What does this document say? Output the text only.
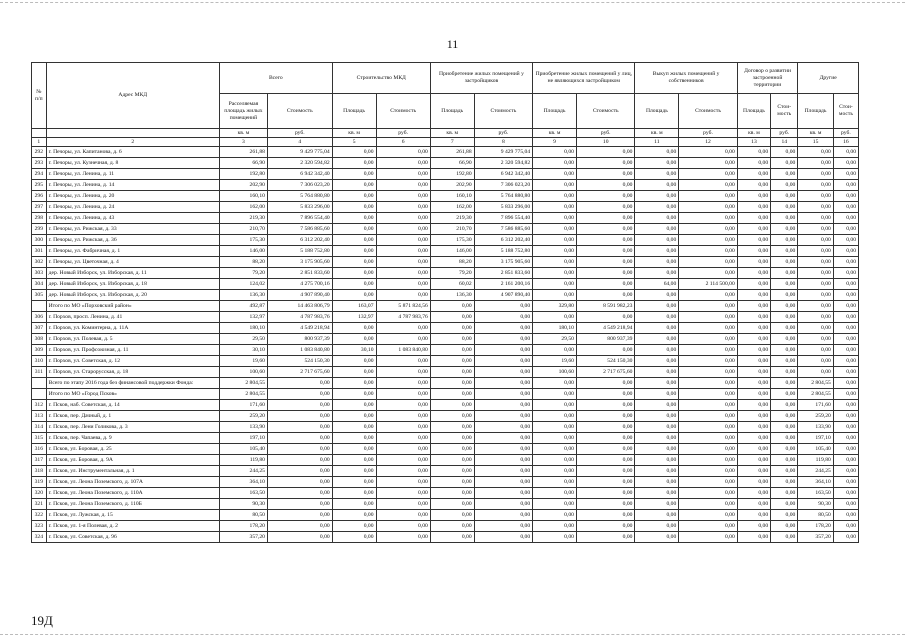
11
№ п/п	Адрес МКД	Всего		Строительство МКД		Приобретение жилых помещений у застройщиков		Приобретение жилых помещений у лиц, не являющихся застройщиком		Выкуп жилых помещений у собственников		Договор о развитии застроенной территории		Другие	
		Расселяемая площадь жилых помещений	Стоимость	Площадь	Стоимость	Площадь	Стоимость	Площадь	Стоимость	Площадь	Стоимость	Площадь	Стои-мость	Площадь	Стои-мость
		кв. м	руб.	кв. м	руб.	кв. м	руб.	кв. м	руб.	кв. м	руб.	кв. м	руб.	кв. м	руб.
1	2	3	4	5	6	7	8	9	10	11	12	13	14	15	16
292	г. Печоры, ул. Капитанова, д. 6	261,88	9 429 775,04	0,00	0,00	261,88	9 429 775,04	0,00	0,00	0,00	0,00	0,00	0,00	0,00	0,00
293	г. Печоры, ул. Кузнечная, д. 8	66,90	2 320 594,82	0,00	0,00	66,90	2 320 594,82	0,00	0,00	0,00	0,00	0,00	0,00	0,00	0,00
294	г. Печоры, ул. Ленина, д. 11	192,80	6 942 342,40	0,00	0,00	192,80	6 942 342,40	0,00	0,00	0,00	0,00	0,00	0,00	0,00	0,00
295	г. Печоры, ул. Ленина, д. 14	202,90	7 306 023,20	0,00	0,00	202,90	7 306 023,20	0,00	0,00	0,00	0,00	0,00	0,00	0,00	0,00
296	г. Печоры, ул. Ленина, д. 20	160,10	5 764 880,80	0,00	0,00	160,10	5 764 880,80	0,00	0,00	0,00	0,00	0,00	0,00	0,00	0,00
297	г. Печоры, ул. Ленина, д. 24	162,00	5 833 296,00	0,00	0,00	162,00	5 833 296,00	0,00	0,00	0,00	0,00	0,00	0,00	0,00	0,00
298	г. Печоры, ул. Ленина, д. 43	219,30	7 896 554,40	0,00	0,00	219,30	7 896 554,40	0,00	0,00	0,00	0,00	0,00	0,00	0,00	0,00
299	г. Печоры, ул. Рижская, д. 33	210,70	7 586 885,60	0,00	0,00	210,70	7 586 885,60	0,00	0,00	0,00	0,00	0,00	0,00	0,00	0,00
300	г. Печоры, ул. Рижская, д. 36	175,30	6 312 202,40	0,00	0,00	175,30	6 312 202,40	0,00	0,00	0,00	0,00	0,00	0,00	0,00	0,00
301	г. Печоры, ул. Фабричная, д. 1	146,00	5 188 752,80	0,00	0,00	146,00	5 188 752,80	0,00	0,00	0,00	0,00	0,00	0,00	0,00	0,00
302	г. Печоры, ул. Цветочная, д. 4	88,20	3 175 905,60	0,00	0,00	88,20	3 175 905,60	0,00	0,00	0,00	0,00	0,00	0,00	0,00	0,00
303	дер. Новый Изборск, ул. Изборская, д. 11	79,20	2 851 833,60	0,00	0,00	79,20	2 851 833,60	0,00	0,00	0,00	0,00	0,00	0,00	0,00	0,00
304	дер. Новый Изборск, ул. Изборская, д. 18	124,02	4 275 700,16	0,00	0,00	60,02	2 161 200,16	0,00	0,00	64,00	2 114 500,00	0,00	0,00	0,00	0,00
305	дер. Новый Изборск, ул. Изборская, д. 20	136,30	4 907 890,40	0,00	0,00	136,30	4 907 890,40	0,00	0,00	0,00	0,00	0,00	0,00	0,00	0,00
	Итого по МО «Порховский район»	492,87	14 463 806,79	163,07	5 871 824,56	0,00	0,00	329,80	8 591 982,23	0,00	0,00	0,00	0,00	0,00	0,00
306	г. Порхов, просп. Ленина, д. 41	132,97	4 787 983,76	132,97	4 787 983,76	0,00	0,00	0,00	0,00	0,00	0,00	0,00	0,00	0,00	0,00
307	г. Порхов, ул. Коминтерна, д. 11А	180,10	4 549 218,94	0,00	0,00	0,00	0,00	180,10	4 549 218,94	0,00	0,00	0,00	0,00	0,00	0,00
308	г. Порхов, ул. Полевая, д. 5	29,50	800 937,39	0,00	0,00	0,00	0,00	29,50	800 937,39	0,00	0,00	0,00	0,00	0,00	0,00
309	г. Порхов, ул. Профсоюзная, д. 11	30,10	1 083 840,80	30,10	1 083 840,80	0,00	0,00	0,00	0,00	0,00	0,00	0,00	0,00	0,00	0,00
310	г. Порхов, ул. Советская, д. 12	19,60	524 150,30	0,00	0,00	0,00	0,00	19,60	524 150,30	0,00	0,00	0,00	0,00	0,00	0,00
311	г. Порхов, ул. Старорусская, д. 18	100,60	2 717 675,60	0,00	0,00	0,00	0,00	100,60	2 717 675,60	0,00	0,00	0,00	0,00	0,00	0,00
	Всего по этапу 2016 года без финансовой поддержки Фонда:	2 804,55	0,00	0,00	0,00	0,00	0,00	0,00	0,00	0,00	0,00	0,00	0,00	2 804,55	0,00
	Итого по МО «Город Псков»	2 804,55	0,00	0,00	0,00	0,00	0,00	0,00	0,00	0,00	0,00	0,00	0,00	2 804,55	0,00
312	г. Псков, наб. Советская, д. 14	171,60	0,00	0,00	0,00	0,00	0,00	0,00	0,00	0,00	0,00	0,00	0,00	171,60	0,00
313	г. Псков, пер. Дачный, д. 1	259,20	0,00	0,00	0,00	0,00	0,00	0,00	0,00	0,00	0,00	0,00	0,00	259,20	0,00
314	г. Псков, пер. Лени Голикова, д. 3	133,90	0,00	0,00	0,00	0,00	0,00	0,00	0,00	0,00	0,00	0,00	0,00	133,90	0,00
315	г. Псков, пер. Чапаева, д. 9	197,10	0,00	0,00	0,00	0,00	0,00	0,00	0,00	0,00	0,00	0,00	0,00	197,10	0,00
316	г. Псков, ул. Боровая, д. 25	105,40	0,00	0,00	0,00	0,00	0,00	0,00	0,00	0,00	0,00	0,00	0,00	105,40	0,00
317	г. Псков, ул. Боровая, д. 9А	119,80	0,00	0,00	0,00	0,00	0,00	0,00	0,00	0,00	0,00	0,00	0,00	119,80	0,00
318	г. Псков, ул. Инструментальная, д. 1	244,25	0,00	0,00	0,00	0,00	0,00	0,00	0,00	0,00	0,00	0,00	0,00	244,25	0,00
319	г. Псков, ул. Леона Поземского, д. 107А	364,10	0,00	0,00	0,00	0,00	0,00	0,00	0,00	0,00	0,00	0,00	0,00	364,10	0,00
320	г. Псков, ул. Леона Поземского, д. 110А	163,50	0,00	0,00	0,00	0,00	0,00	0,00	0,00	0,00	0,00	0,00	0,00	163,50	0,00
321	г. Псков, ул. Леона Поземского, д. 110Б	90,30	0,00	0,00	0,00	0,00	0,00	0,00	0,00	0,00	0,00	0,00	0,00	90,30	0,00
322	г. Псков, ул. Лужская, д. 15	80,50	0,00	0,00	0,00	0,00	0,00	0,00	0,00	0,00	0,00	0,00	0,00	80,50	0,00
323	г. Псков, ул. 1-я Полевая, д. 2	178,20	0,00	0,00	0,00	0,00	0,00	0,00	0,00	0,00	0,00	0,00	0,00	178,20	0,00
324	г. Псков, ул. Советская, д. 96	357,20	0,00	0,00	0,00	0,00	0,00	0,00	0,00	0,00	0,00	0,00	0,00	357,20	0,00
19Д
